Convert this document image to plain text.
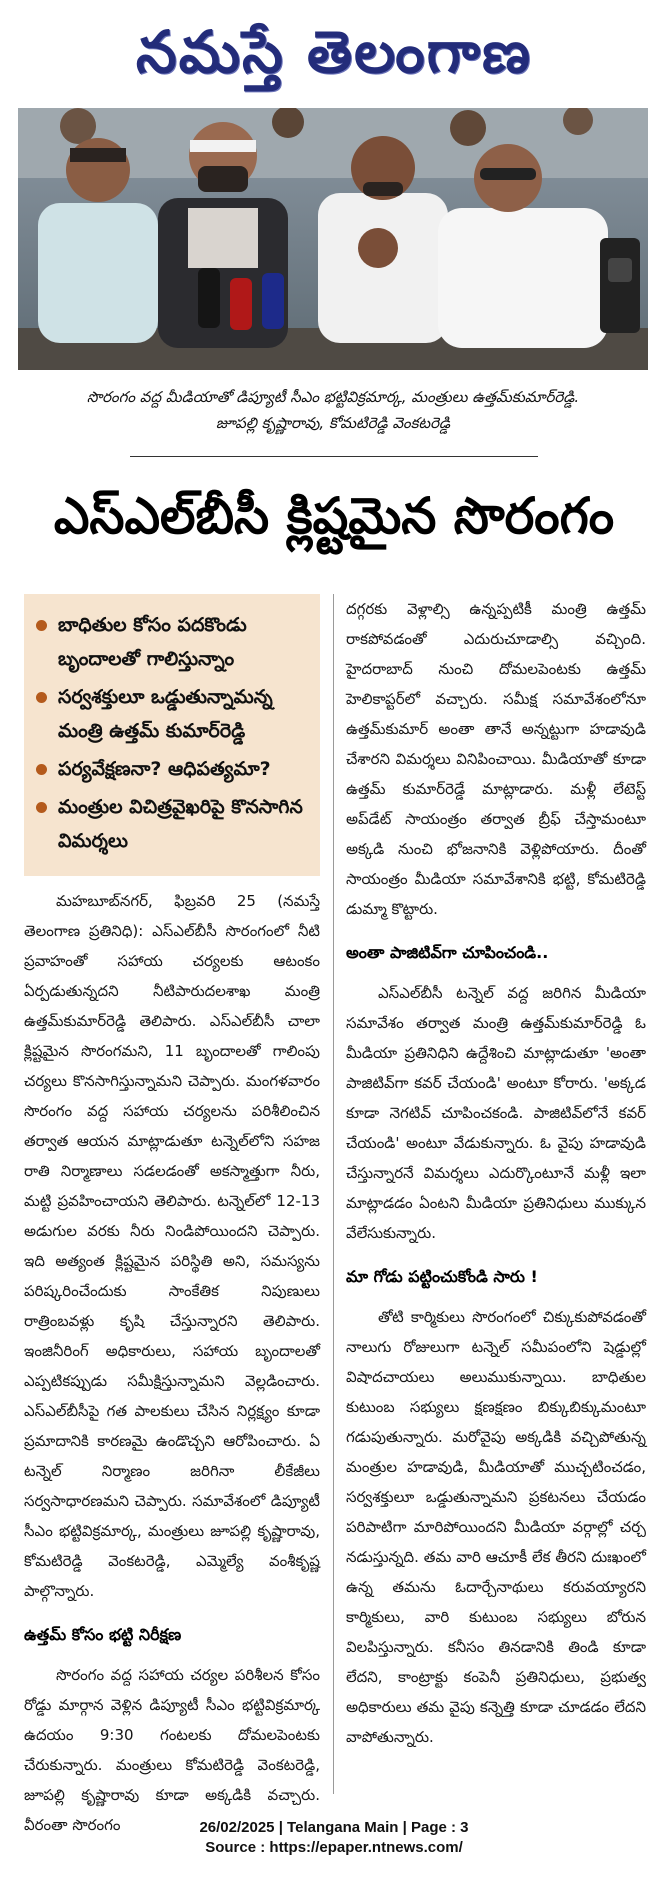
నమస్తే తెలంగాణ
సొరంగం వద్ద మీడియాతో డిప్యూటీ సీఎం భట్టివిక్రమార్క, మంత్రులు ఉత్తమ్‌కుమార్‌రెడ్డి.
జూపల్లి కృష్ణారావు, కోమటిరెడ్డి వెంకటరెడ్డి
ఎస్‌ఎల్‌బీసీ క్లిష్టమైన సొరంగం
బాధితుల కోసం పదకొండు బృందాలతో గాలిస్తున్నాం
సర్వశక్తులూ ఒడ్డుతున్నామన్న మంత్రి ఉత్తమ్ కుమార్‌రెడ్డి
పర్యవేక్షణనా? ఆధిపత్యమా?
మంత్రుల విచిత్రవైఖరిపై కొనసాగిన విమర్శలు

మహబూబ్‌నగర్, ఫిబ్రవరి 25 (నమస్తే తెలంగాణ ప్రతినిధి): ఎస్‌ఎల్‌బీసీ సొరంగంలో నీటి ప్రవాహంతో సహాయ చర్యలకు ఆటంకం ఏర్పడుతున్నదని నీటిపారుదలశాఖ మంత్రి ఉత్తమ్‌కుమార్‌రెడ్డి తెలిపారు. ఎస్‌ఎల్‌బీసీ చాలా క్లిష్టమైన సొరంగమని, 11 బృందాలతో గాలింపు చర్యలు కొనసాగిస్తున్నామని చెప్పారు. మంగళవారం సొరంగం వద్ద సహాయ చర్యలను పరిశీలించిన తర్వాత ఆయన మాట్లాడుతూ టన్నెల్‌లోని సహజ రాతి నిర్మాణాలు సడలడంతో అకస్మాత్తుగా నీరు, మట్టి ప్రవహించాయని తెలిపారు. టన్నెల్‌లో 12-13 అడుగుల వరకు నీరు నిండిపోయిందని చెప్పారు. ఇది అత్యంత క్లిష్టమైన పరిస్థితి అని, సమస్యను పరిష్కరించేందుకు సాంకేతిక నిపుణులు రాత్రింబవళ్లు కృషి చేస్తున్నారని తెలిపారు. ఇంజినీరింగ్ అధికారులు, సహాయ బృందాలతో ఎప్పటికప్పుడు సమీక్షిస్తున్నామని వెల్లడించారు. ఎస్‌ఎల్‌బీసీపై గత పాలకులు చేసిన నిర్లక్ష్యం కూడా ప్రమాదానికి కారణమై ఉండొచ్చని ఆరోపించారు. ఏ టన్నెల్ నిర్మాణం జరిగినా లీకేజీలు సర్వసాధారణమని చెప్పారు. సమావేశంలో డిప్యూటీ సీఎం భట్టివిక్రమార్క, మంత్రులు జూపల్లి కృష్ణారావు, కోమటిరెడ్డి వెంకటరెడ్డి, ఎమ్మెల్యే వంశీకృష్ణ పాల్గొన్నారు.

ఉత్తమ్ కోసం భట్టి నిరీక్షణ

సొరంగం వద్ద సహాయ చర్యల పరిశీలన కోసం రోడ్డు మార్గాన వెళ్లిన డిప్యూటీ సీఎం భట్టివిక్రమార్క ఉదయం 9:30 గంటలకు దోమలపెంటకు చేరుకున్నారు. మంత్రులు కోమటిరెడ్డి వెంకటరెడ్డి, జూపల్లి కృష్ణారావు కూడా అక్కడికి వచ్చారు. వీరంతా సొరంగం

దగ్గరకు వెళ్లాల్సి ఉన్నప్పటికీ మంత్రి ఉత్తమ్ రాకపోవడంతో ఎదురుచూడాల్సి వచ్చింది. హైదరాబాద్ నుంచి దోమలపెంటకు ఉత్తమ్ హెలికాప్టర్‌లో వచ్చారు. సమీక్ష సమావేశంలోనూ ఉత్తమ్‌కుమార్ అంతా తానే అన్నట్టుగా హడావుడి చేశారని విమర్శలు వినిపించాయి. మీడియాతో కూడా ఉత్తమ్ కుమార్‌రెడ్డే మాట్లాడారు. మళ్లీ లేటెస్ట్ అప్‌డేట్ సాయంత్రం తర్వాత బ్రీఫ్ చేస్తామంటూ అక్కడి నుంచి భోజనానికి వెళ్లిపోయారు. దీంతో సాయంత్రం మీడియా సమావేశానికి భట్టి, కోమటిరెడ్డి డుమ్మా కొట్టారు.

అంతా పాజిటివ్‌గా చూపించండి..

ఎస్‌ఎల్‌బీసీ టన్నెల్ వద్ద జరిగిన మీడియా సమావేశం తర్వాత మంత్రి ఉత్తమ్‌కుమార్‌రెడ్డి ఓ మీడియా ప్రతినిధిని ఉద్దేశించి మాట్లాడుతూ 'అంతా పాజిటివ్‌గా కవర్ చేయండి' అంటూ కోరారు. 'అక్కడ కూడా నెగటివ్ చూపించకండి. పాజిటివ్‌లోనే కవర్ చేయండి' అంటూ వేడుకున్నారు. ఓ వైపు హడావుడి చేస్తున్నారనే విమర్శలు ఎదుర్కొంటూనే మళ్లీ ఇలా మాట్లాడడం ఏంటని మీడియా ప్రతినిధులు ముక్కున వేలేసుకున్నారు.

మా గోడు పట్టించుకోండి సారు !

తోటి కార్మికులు సొరంగంలో చిక్కుకుపోవడంతో నాలుగు రోజులుగా టన్నెల్ సమీపంలోని షెడ్డుల్లో విషాదచాయలు అలుముకున్నాయి. బాధితుల కుటుంబ సభ్యులు క్షణక్షణం బిక్కుబిక్కుమంటూ గడుపుతున్నారు. మరోవైపు అక్కడికి వచ్చిపోతున్న మంత్రుల హడావుడి, మీడియాతో ముచ్చటించడం, సర్వశక్తులూ ఒడ్డుతున్నామని ప్రకటనలు చేయడం పరిపాటిగా మారిపోయిందని మీడియా వర్గాల్లో చర్చ నడుస్తున్నది. తమ వారి ఆచూకీ లేక తీరని దుఃఖంలో ఉన్న తమను ఓదార్చేనాథులు కరువయ్యారని కార్మికులు, వారి కుటుంబ సభ్యులు బోరున విలపిస్తున్నారు. కనీసం తినడానికి తిండి కూడా లేదని, కాంట్రాక్టు కంపెనీ ప్రతినిధులు, ప్రభుత్వ అధికారులు తమ వైపు కన్నెత్తి కూడా చూడడం లేదని వాపోతున్నారు.

26/02/2025 | Telangana Main | Page : 3
Source : https://epaper.ntnews.com/
